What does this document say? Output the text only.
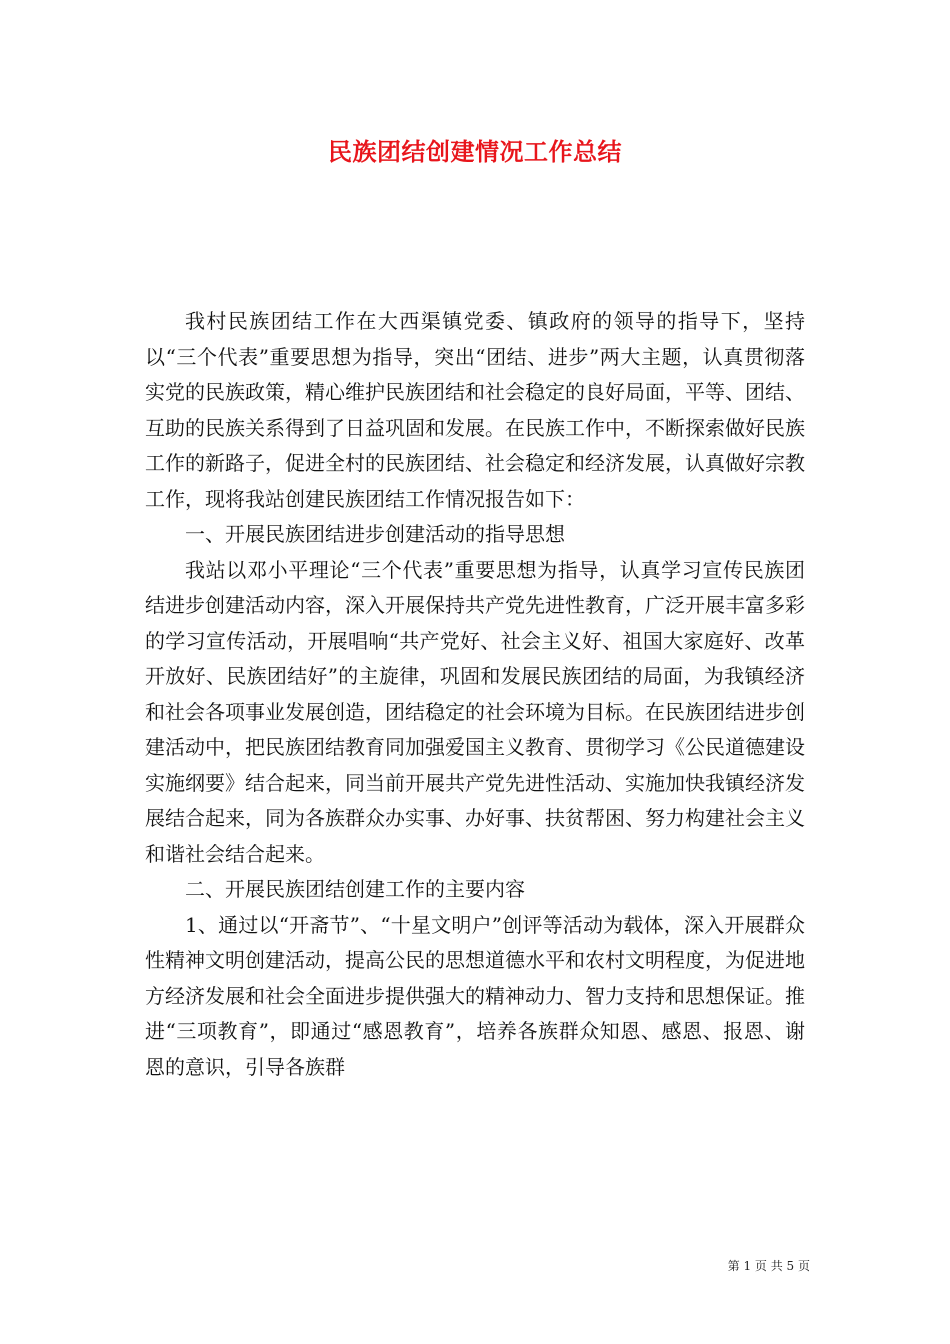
民族团结创建情况工作总结

我村民族团结工作在大西渠镇党委、镇政府的领导的指导下，坚持以“三个代表”重要思想为指导，突出“团结、进步”两大主题，认真贯彻落实党的民族政策，精心维护民族团结和社会稳定的良好局面，平等、团结、互助的民族关系得到了日益巩固和发展。在民族工作中，不断探索做好民族工作的新路子，促进全村的民族团结、社会稳定和经济发展，认真做好宗教工作，现将我站创建民族团结工作情况报告如下：

一、开展民族团结进步创建活动的指导思想

我站以邓小平理论“三个代表”重要思想为指导，认真学习宣传民族团结进步创建活动内容，深入开展保持共产党先进性教育，广泛开展丰富多彩的学习宣传活动，开展唱响“共产党好、社会主义好、祖国大家庭好、改革开放好、民族团结好”的主旋律，巩固和发展民族团结的局面，为我镇经济和社会各项事业发展创造，团结稳定的社会环境为目标。在民族团结进步创建活动中，把民族团结教育同加强爱国主义教育、贯彻学习《公民道德建设实施纲要》结合起来，同当前开展共产党先进性活动、实施加快我镇经济发展结合起来，同为各族群众办实事、办好事、扶贫帮困、努力构建社会主义和谐社会结合起来。

二、开展民族团结创建工作的主要内容

1、通过以“开斋节”、“十星文明户”创评等活动为载体，深入开展群众性精神文明创建活动，提高公民的思想道德水平和农村文明程度，为促进地方经济发展和社会全面进步提供强大的精神动力、智力支持和思想保证。推进“三项教育”，即通过“感恩教育”，培养各族群众知恩、感恩、报恩、谢恩的意识，引导各族群

第 1 页 共 5 页
